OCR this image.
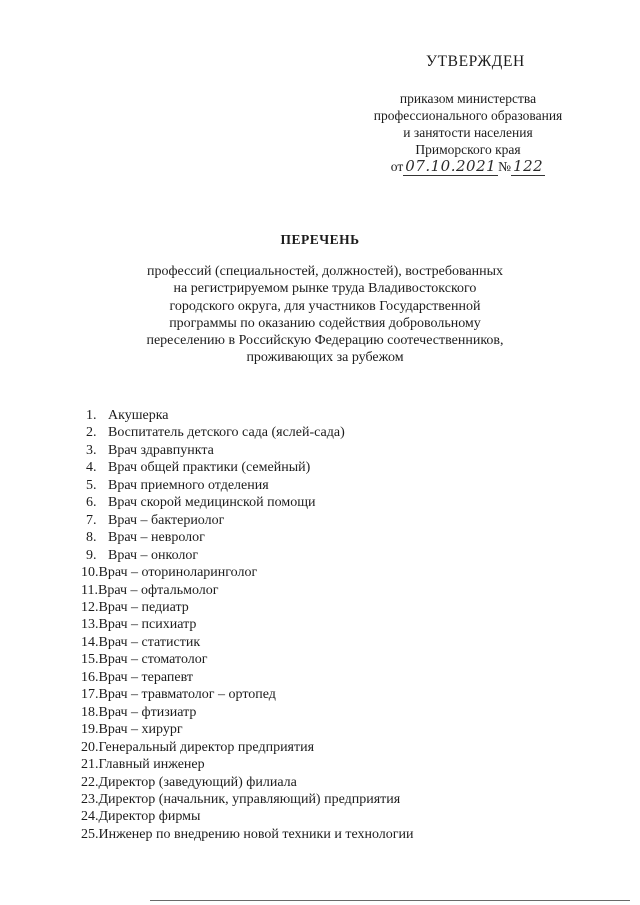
УТВЕРЖДЕН
приказом министерства
профессионального образования
и занятости населения
Приморского края
от 07.10.2021 № 122
ПЕРЕЧЕНЬ
профессий (специальностей, должностей), востребованных
на регистрируемом рынке труда Владивостокского
городского округа, для участников Государственной
программы по оказанию содействия добровольному
переселению в Российскую Федерацию соотечественников,
проживающих за рубежом
1. Акушерка
2. Воспитатель детского сада (яслей-сада)
3. Врач здравпункта
4. Врач общей практики (семейный)
5. Врач приемного отделения
6. Врач скорой медицинской помощи
7. Врач – бактериолог
8. Врач – невролог
9. Врач – онколог
10.Врач – оториноларинголог
11.Врач – офтальмолог
12.Врач – педиатр
13.Врач – психиатр
14.Врач – статистик
15.Врач – стоматолог
16.Врач – терапевт
17.Врач – травматолог – ортопед
18.Врач – фтизиатр
19.Врач – хирург
20.Генеральный директор предприятия
21.Главный инженер
22.Директор (заведующий) филиала
23.Директор (начальник, управляющий) предприятия
24.Директор фирмы
25.Инженер по внедрению новой техники и технологии
